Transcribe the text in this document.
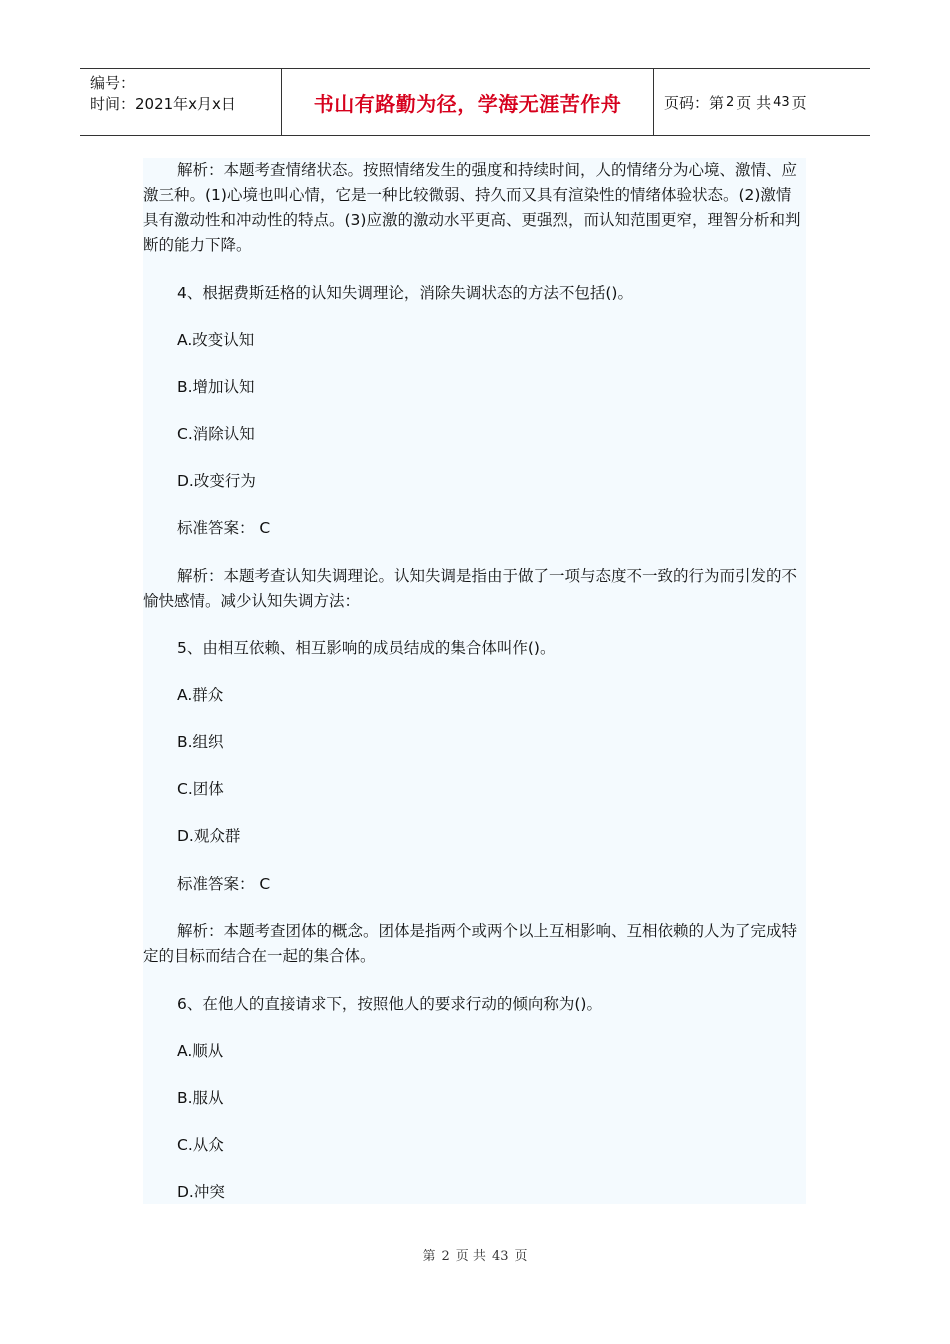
编号：
时间：2021年x月x日	书山有路勤为径，学海无涯苦作舟	页码：第 2 页 共 43 页

解析：本题考查情绪状态。按照情绪发生的强度和持续时间，人的情绪分为心境、激情、应激三种。(1)心境也叫心情，它是一种比较微弱、持久而又具有渲染性的情绪体验状态。(2)激情具有激动性和冲动性的特点。(3)应激的激动水平更高、更强烈，而认知范围更窄，理智分析和判断的能力下降。

4、根据费斯廷格的认知失调理论，消除失调状态的方法不包括()。

A.改变认知

B.增加认知

C.消除认知

D.改变行为

标准答案： C

解析：本题考查认知失调理论。认知失调是指由于做了一项与态度不一致的行为而引发的不愉快感情。减少认知失调方法：

5、由相互依赖、相互影响的成员结成的集合体叫作()。

A.群众

B.组织

C.团体

D.观众群

标准答案： C

解析：本题考查团体的概念。团体是指两个或两个以上互相影响、互相依赖的人为了完成特定的目标而结合在一起的集合体。

6、在他人的直接请求下，按照他人的要求行动的倾向称为()。

A.顺从

B.服从

C.从众

D.冲突

第 2 页 共 43 页
